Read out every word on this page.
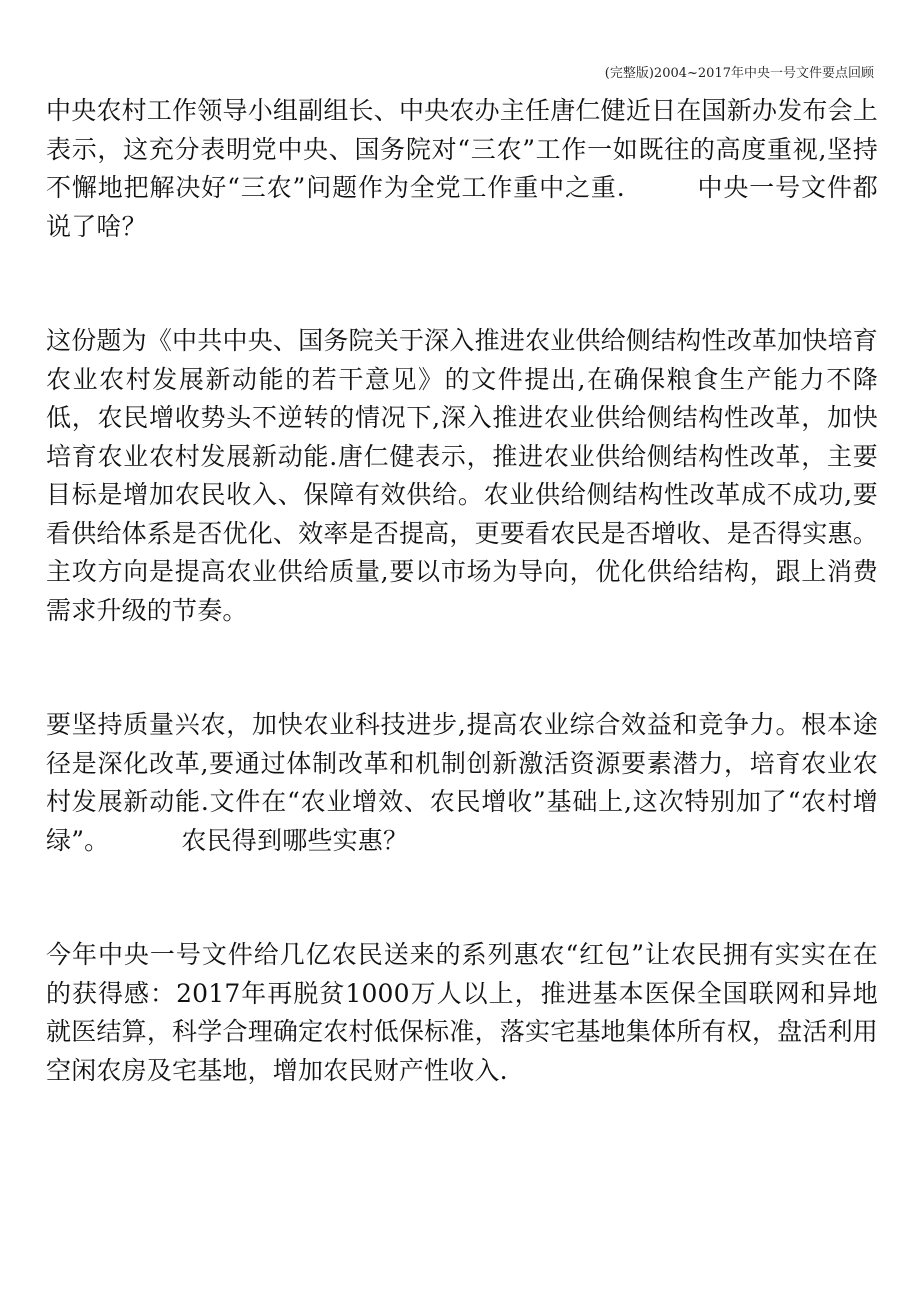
(完整版)2004~2017年中央一号文件要点回顾

中央农村工作领导小组副组长、中央农办主任唐仁健近日在国新办发布会上表示，这充分表明党中央、国务院对“三农”工作一如既往的高度重视,坚持不懈地把解决好“三农”问题作为全党工作重中之重.	中央一号文件都说了啥？

这份题为《中共中央、国务院关于深入推进农业供给侧结构性改革加快培育农业农村发展新动能的若干意见》的文件提出,在确保粮食生产能力不降低，农民增收势头不逆转的情况下,深入推进农业供给侧结构性改革，加快培育农业农村发展新动能.唐仁健表示，推进农业供给侧结构性改革，主要目标是增加农民收入、保障有效供给。农业供给侧结构性改革成不成功,要看供给体系是否优化、效率是否提高，更要看农民是否增收、是否得实惠。主攻方向是提高农业供给质量,要以市场为导向，优化供给结构，跟上消费需求升级的节奏。

要坚持质量兴农，加快农业科技进步,提高农业综合效益和竞争力。根本途径是深化改革,要通过体制改革和机制创新激活资源要素潜力，培育农业农村发展新动能.文件在“农业增效、农民增收”基础上,这次特别加了“农村增绿”。	农民得到哪些实惠？

今年中央一号文件给几亿农民送来的系列惠农“红包”让农民拥有实实在在的获得感：2017年再脱贫1000万人以上，推进基本医保全国联网和异地就医结算，科学合理确定农村低保标准，落实宅基地集体所有权，盘活利用空闲农房及宅基地，增加农民财产性收入.
